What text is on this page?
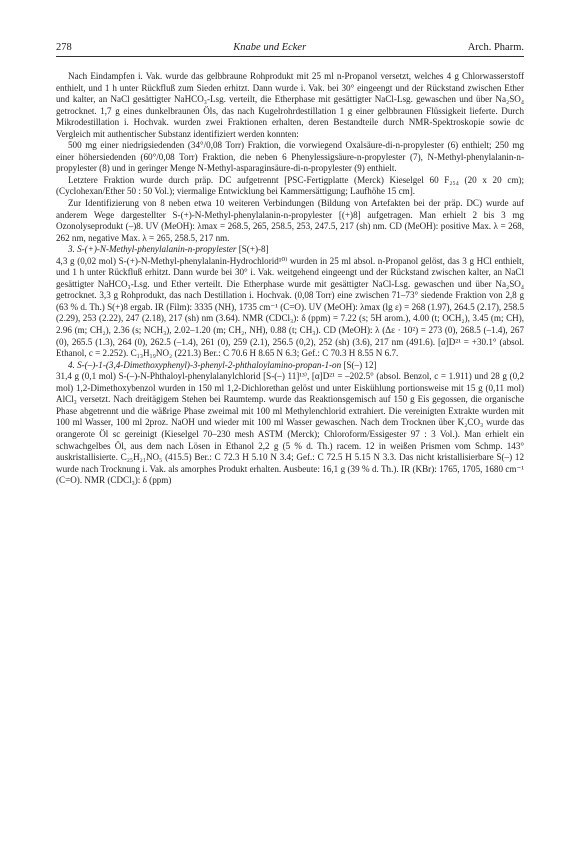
278	Knabe und Ecker	Arch. Pharm.

Nach Eindampfen i. Vak. wurde das gelbbraune Rohprodukt mit 25 ml n-Propanol versetzt, welches 4 g Chlorwasserstoff enthielt, und 1 h unter Rückfluß zum Sieden erhitzt. Dann wurde i. Vak. bei 30° eingeengt und der Rückstand zwischen Ether und kalter, an NaCl gesättigter NaHCO₃-Lsg. verteilt, die Etherphase mit gesättigter NaCl-Lsg. gewaschen und über Na₂SO₄ getrocknet. 1,7 g eines dunkelbraunen Öls, das nach Kugelrohrdestillation 1 g einer gelbbraunen Flüssigkeit lieferte. Durch Mikrodestillation i. Hochvak. wurden zwei Fraktionen erhalten, deren Bestandteile durch NMR-Spektroskopie sowie dc Vergleich mit authentischer Substanz identifiziert werden konnten:

500 mg einer niedrigsiedenden (34°/0,08 Torr) Fraktion, die vorwiegend Oxalsäure-di-n-propylester (6) enthielt; 250 mg einer höhersiedenden (60°/0,08 Torr) Fraktion, die neben 6 Phenylessigsäure-n-propylester (7), N-Methyl-phenylalanin-n-propylester (8) und in geringer Menge N-Methyl-asparaginsäure-di-n-propylester (9) enthielt.

Letztere Fraktion wurde durch präp. DC aufgetrennt [PSC-Fertigplatte (Merck) Kieselgel 60 F₂₅₄ (20 x 20 cm); (Cyclohexan/Ether 50 : 50 Vol.); viermalige Entwicklung bei Kammersättigung; Laufhöhe 15 cm].

Zur Identifizierung von 8 neben etwa 10 weiteren Verbindungen (Bildung von Artefakten bei der präp. DC) wurde auf anderem Wege dargestellter S-(+)-N-Methyl-phenylalanin-n-propylester [(+)8] aufgetragen. Man erhielt 2 bis 3 mg Ozonolyseprodukt (–)8. UV (MeOH): λmax = 268.5, 265, 258.5, 253, 247.5, 217 (sh) nm. CD (MeOH): positive Max. λ = 268, 262 nm, negative Max. λ = 265, 258.5, 217 nm.

3. S-(+)-N-Methyl-phenylalanin-n-propylester [S(+)-8]

4,3 g (0,02 mol) S-(+)-N-Methyl-phenylalanin-Hydrochlorid¹⁰⁾ wurden in 25 ml absol. n-Propanol gelöst, das 3 g HCl enthielt, und 1 h unter Rückfluß erhitzt. Dann wurde bei 30° i. Vak. weitgehend eingeengt und der Rückstand zwischen kalter, an NaCl gesättigter NaHCO₃-Lsg. und Ether verteilt. Die Etherphase wurde mit gesättigter NaCl-Lsg. gewaschen und über Na₂SO₄ getrocknet. 3,3 g Rohprodukt, das nach Destillation i. Hochvak. (0,08 Torr) eine zwischen 71–73° siedende Fraktion von 2,8 g (63 % d. Th.) S(+)8 ergab. IR (Film): 3335 (NH), 1735 cm⁻¹ (C=O). UV (MeOH): λmax (lg ε) = 268 (1.97), 264.5 (2.17), 258.5 (2.29), 253 (2.22), 247 (2.18), 217 (sh) nm (3.64). NMR (CDCl₃): δ (ppm) = 7.22 (s; 5H arom.), 4.00 (t; OCH₂), 3.45 (m; CH), 2.96 (m; CH₂), 2.36 (s; NCH₃), 2.02–1.20 (m; CH₂, NH), 0.88 (t; CH₃). CD (MeOH): λ (Δε · 10²) = 273 (0), 268.5 (–1.4), 267 (0), 265.5 (1.3), 264 (0), 262.5 (–1.4), 261 (0), 259 (2.1), 256.5 (0,2), 252 (sh) (3.6), 217 nm (491.6). [α]D²¹ = +30.1° (absol. Ethanol, c = 2.252). C₁₃H₁₉NO₂ (221.3) Ber.: C 70.6 H 8.65 N 6.3; Gef.: C 70.3 H 8.55 N 6.7.

4. S-(–)-1-(3,4-Dimethoxyphenyl)-3-phenyl-2-phthaloylamino-propan-1-on [S(–) 12]

31,4 g (0,1 mol) S-(–)-N-Phthaloyl-phenylalanylchlorid [S-(–) 11]¹³⁾, [α]D²¹ = –202.5° (absol. Benzol, c = 1.911) und 28 g (0,2 mol) 1,2-Dimethoxybenzol wurden in 150 ml 1,2-Dichlorethan gelöst und unter Eiskühlung portionsweise mit 15 g (0,11 mol) AlCl₃ versetzt. Nach dreitägigem Stehen bei Raumtemp. wurde das Reaktionsgemisch auf 150 g Eis gegossen, die organische Phase abgetrennt und die wäßrige Phase zweimal mit 100 ml Methylenchlorid extrahiert. Die vereinigten Extrakte wurden mit 100 ml Wasser, 100 ml 2proz. NaOH und wieder mit 100 ml Wasser gewaschen. Nach dem Trocknen über K₂CO₃ wurde das orangerote Öl sc gereinigt (Kieselgel 70–230 mesh ASTM (Merck); Chloroform/Essigester 97 : 3 Vol.). Man erhielt ein schwachgelbes Öl, aus dem nach Lösen in Ethanol 2,2 g (5 % d. Th.) racem. 12 in weißen Prismen vom Schmp. 143° auskristallisierte. C₂₅H₂₁NO₅ (415.5) Ber.: C 72.3 H 5.10 N 3.4; Gef.: C 72.5 H 5.15 N 3.3. Das nicht kristallisierbare S(–) 12 wurde nach Trocknung i. Vak. als amorphes Produkt erhalten. Ausbeute: 16,1 g (39 % d. Th.). IR (KBr): 1765, 1705, 1680 cm⁻¹ (C=O). NMR (CDCl₃): δ (ppm)
